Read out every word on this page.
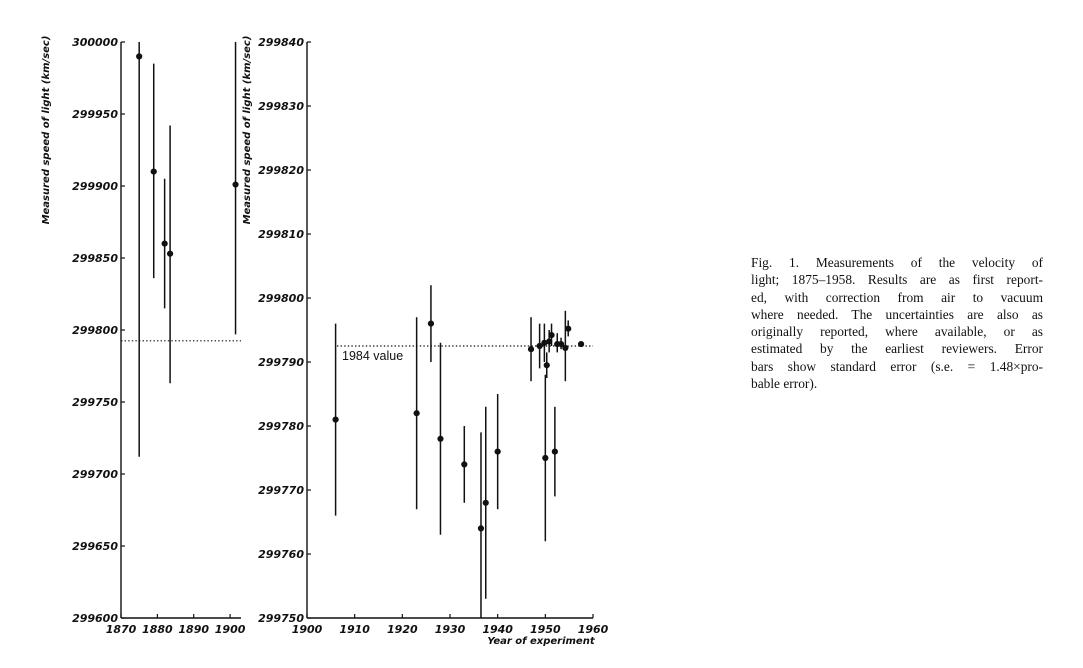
299600
299650
299700
299750
299800
299850
299900
299950
300000
1870 1880 1890 1900
Measured speed of light (km/sec)
299750
299760
299770
299780
299790
299800
299810
299820
299830
299840
1900 1910 1920 1930 1940 1950 1960
Measured speed of light (km/sec)
Year of experiment
1984 value
Fig. 1. Measurements of the velocity of
light; 1875–1958. Results are as first report-
ed, with correction from air to vacuum
where needed. The uncertainties are also as
originally reported, where available, or as
estimated by the earliest reviewers. Error
bars show standard error (s.e. = 1.48×pro-
bable error).
